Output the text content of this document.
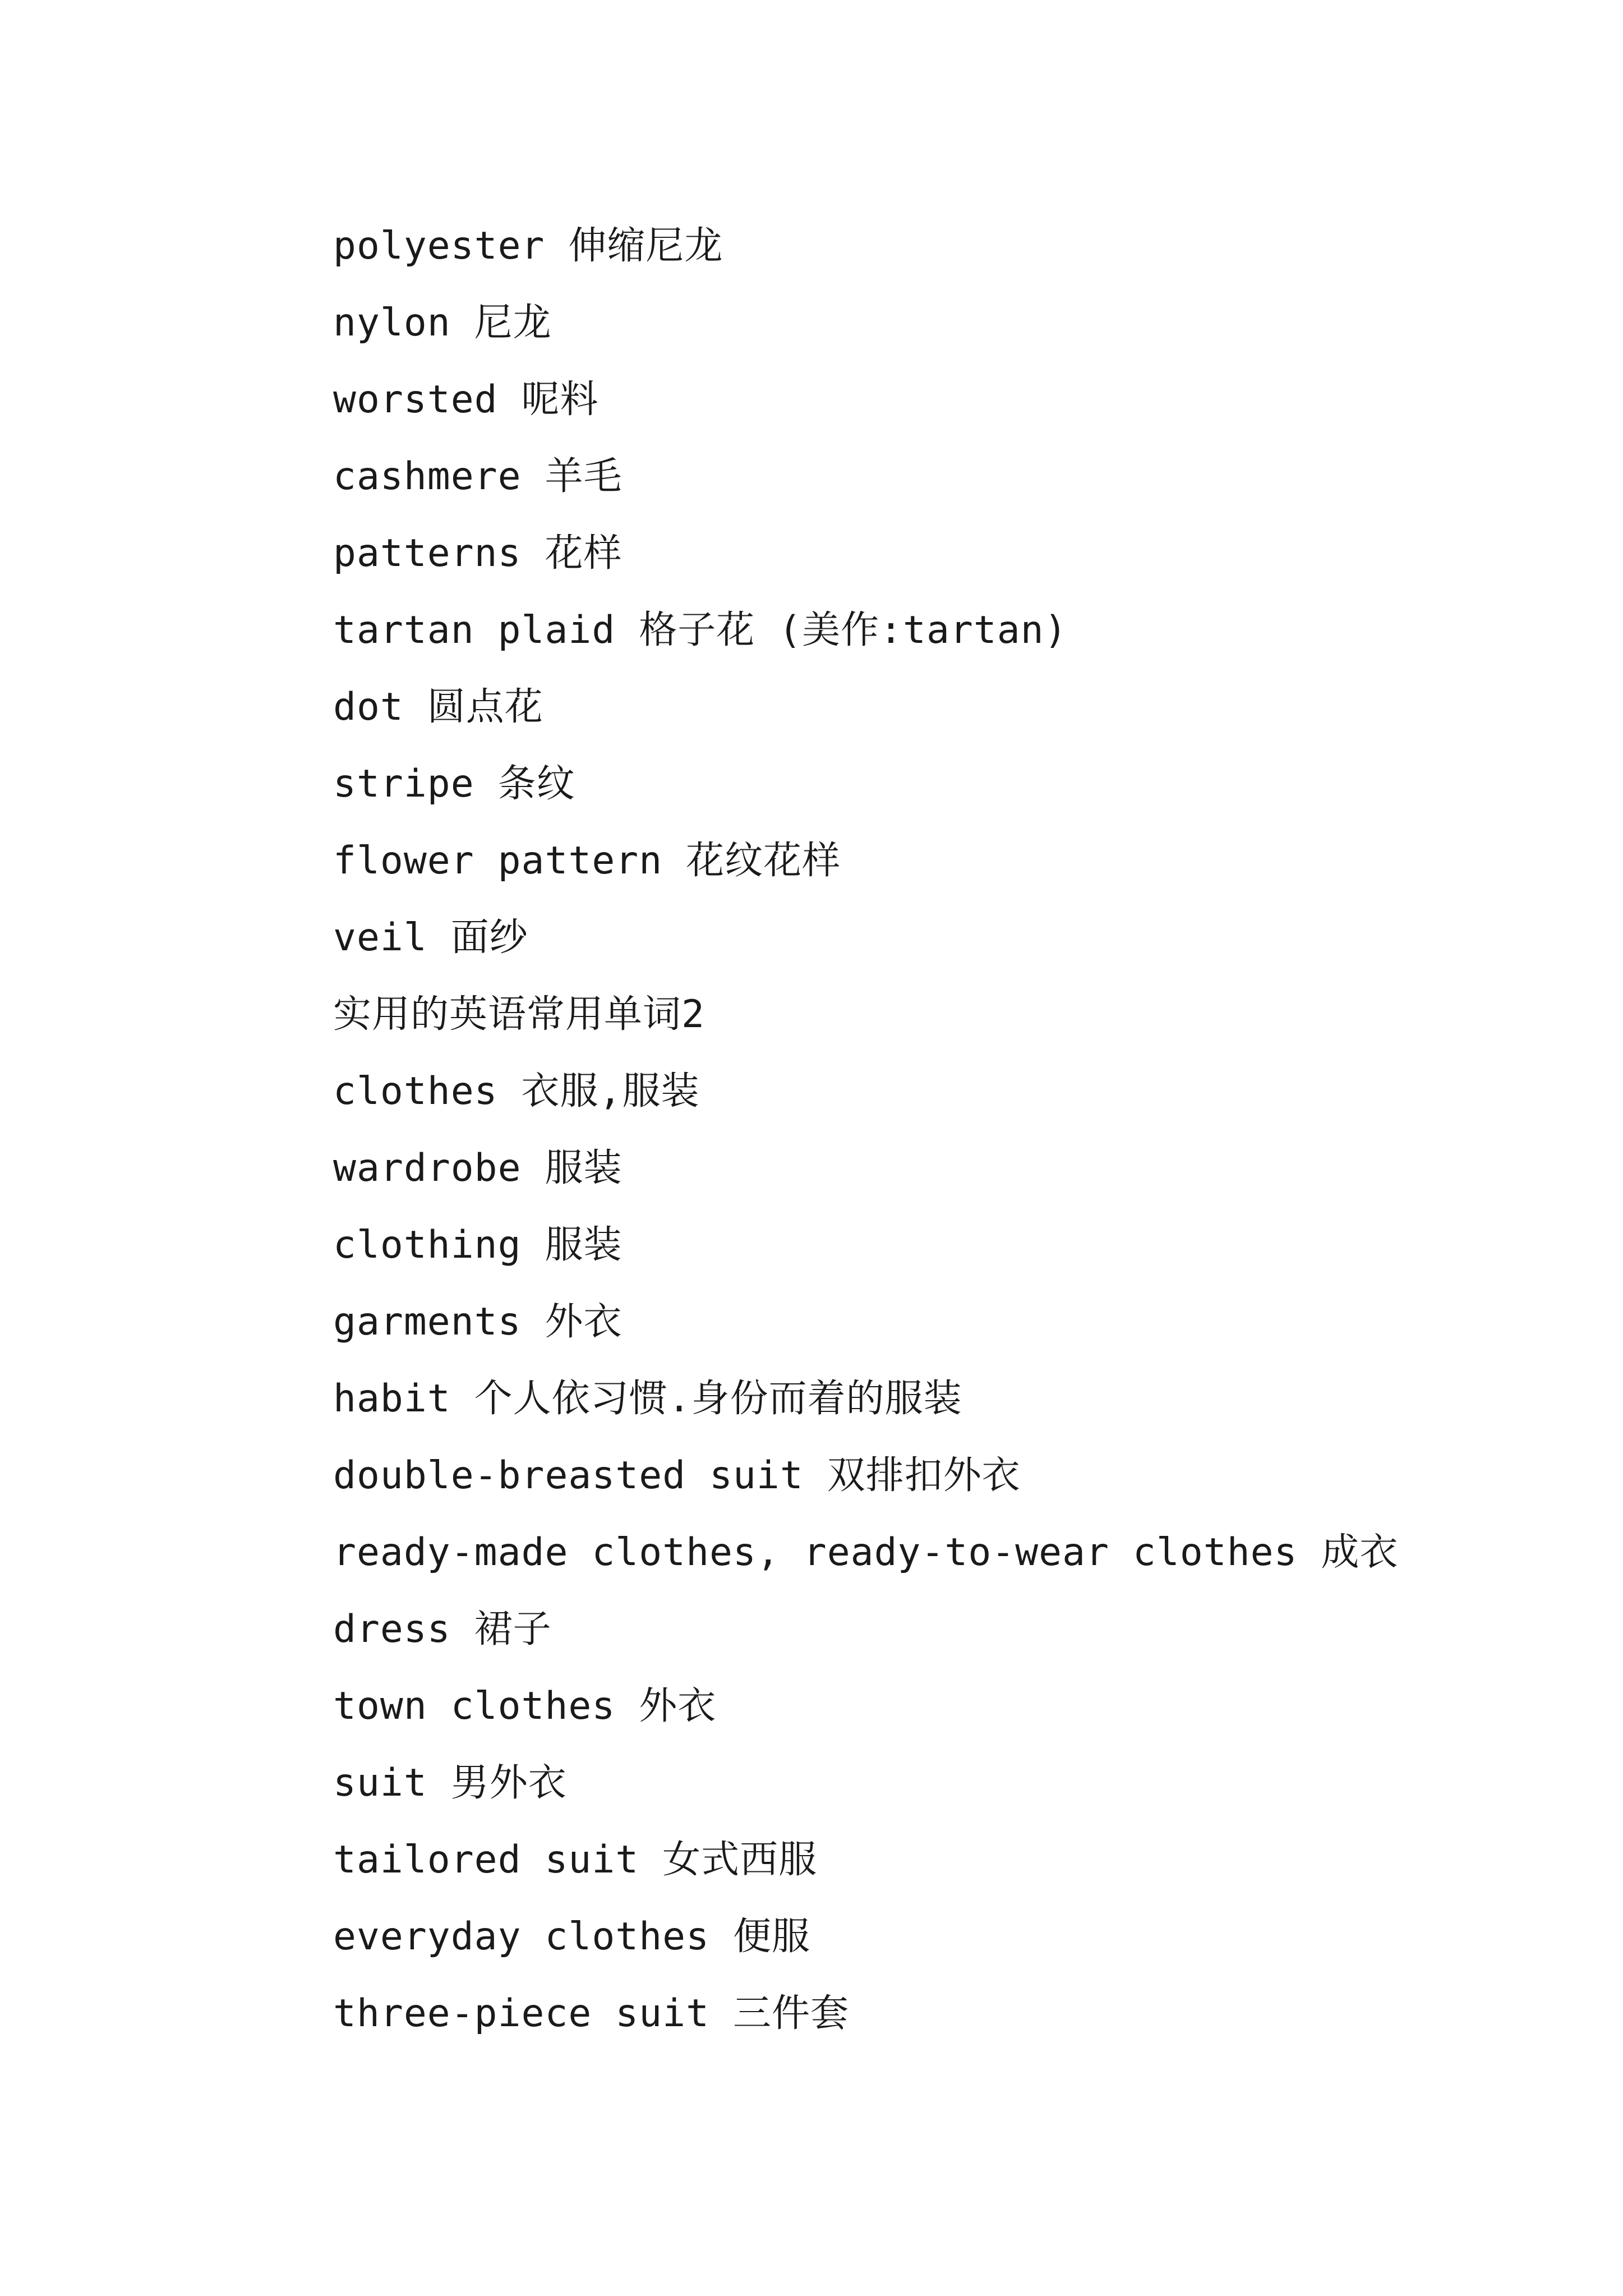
polyester 伸缩尼龙
nylon 尼龙
worsted 呢料
cashmere 羊毛
patterns 花样
tartan plaid 格子花 (美作:tartan)
dot 圆点花
stripe 条纹
flower pattern 花纹花样
veil 面纱
实用的英语常用单词2
clothes 衣服,服装
wardrobe 服装
clothing 服装
garments 外衣
habit 个人依习惯.身份而着的服装
double-breasted suit 双排扣外衣
ready-made clothes, ready-to-wear clothes 成衣
dress 裙子
town clothes 外衣
suit 男外衣
tailored suit 女式西服
everyday clothes 便服
three-piece suit 三件套
